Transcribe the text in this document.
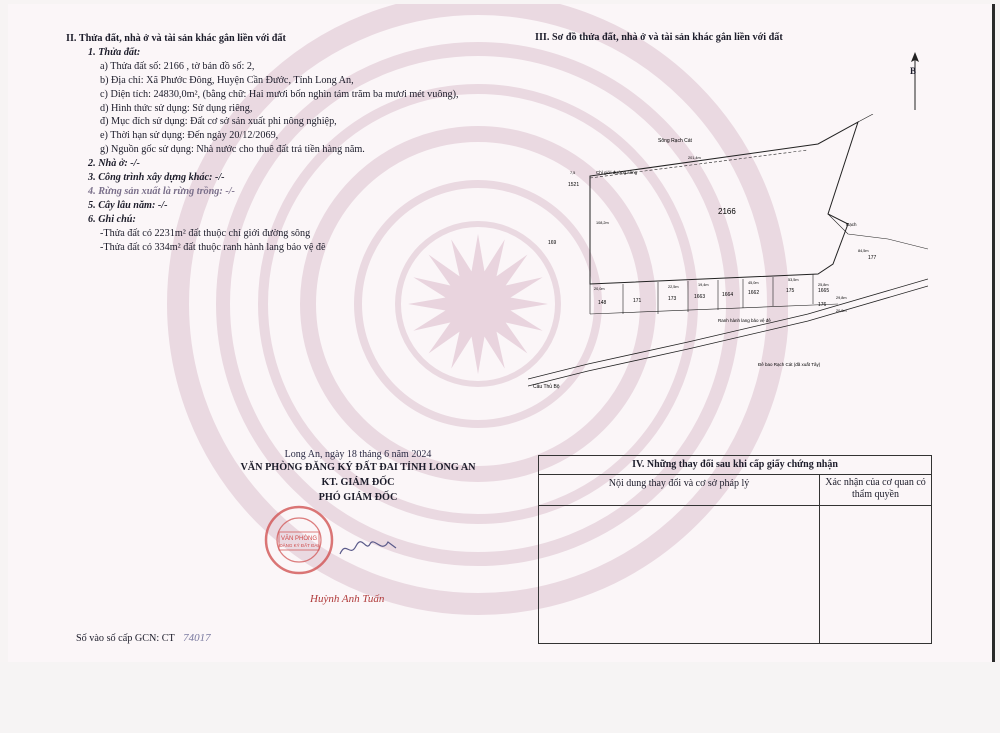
II. Thửa đất, nhà ở và tài sản khác gắn liền với đất
1. Thửa đất:
a) Thửa đất số: 2166 , tờ bản đồ số: 2,
b) Địa chỉ: Xã Phước Đông, Huyện Cần Đước, Tỉnh Long An,
c) Diện tích: 24830,0m², (bằng chữ: Hai mươi bốn nghìn tám trăm ba mươi mét vuông),
d) Hình thức sử dụng: Sử dụng riêng,
đ) Mục đích sử dụng: Đất cơ sở sản xuất phi nông nghiệp,
e) Thời hạn sử dụng: Đến ngày 20/12/2069,
g) Nguồn gốc sử dụng: Nhà nước cho thuê đất trả tiền hàng năm.
2. Nhà ở: -/-
3. Công trình xây dựng khác: -/-
4. Rừng sản xuất là rừng trồng: -/-
5. Cây lâu năm: -/-
6. Ghi chú:
-Thửa đất có 2231m² đất thuộc chỉ giới đường sông
-Thửa đất có 334m² đất thuộc ranh hành lang bảo vệ đê
III. Sơ đồ thửa đất, nhà ở và tài sản khác gắn liền với đất
B
2166
Sông Rạch Cát
Chỉ giới đường sông
Ranh hành lang bảo vệ đê
Đê bao Rạch Cát (đã xuất Tây)
Cầu Thủ Bộ
Rạch
148	171	173	1663	1664	1662	175	1665
176
177
169
1521
20,0m	22,5m	19,4m	45,0m
53,5m
84,5m
25,8m
108,2m
201,4m
29,8m
20,9m
7,5
Long An, ngày 18 tháng 6 năm 2024
VĂN PHÒNG ĐĂNG KÝ ĐẤT ĐAI TỈNH LONG AN
KT. GIÁM ĐỐC
PHÓ GIÁM ĐỐC
VĂN PHÒNG
ĐĂNG KÝ ĐẤT ĐAI
Huỳnh Anh Tuấn
IV. Những thay đổi sau khi cấp giấy chứng nhận
Nội dung thay đổi và cơ sở pháp lý	Xác nhận của cơ quan có thẩm quyền
Số vào số cấp GCN: CT 74017
